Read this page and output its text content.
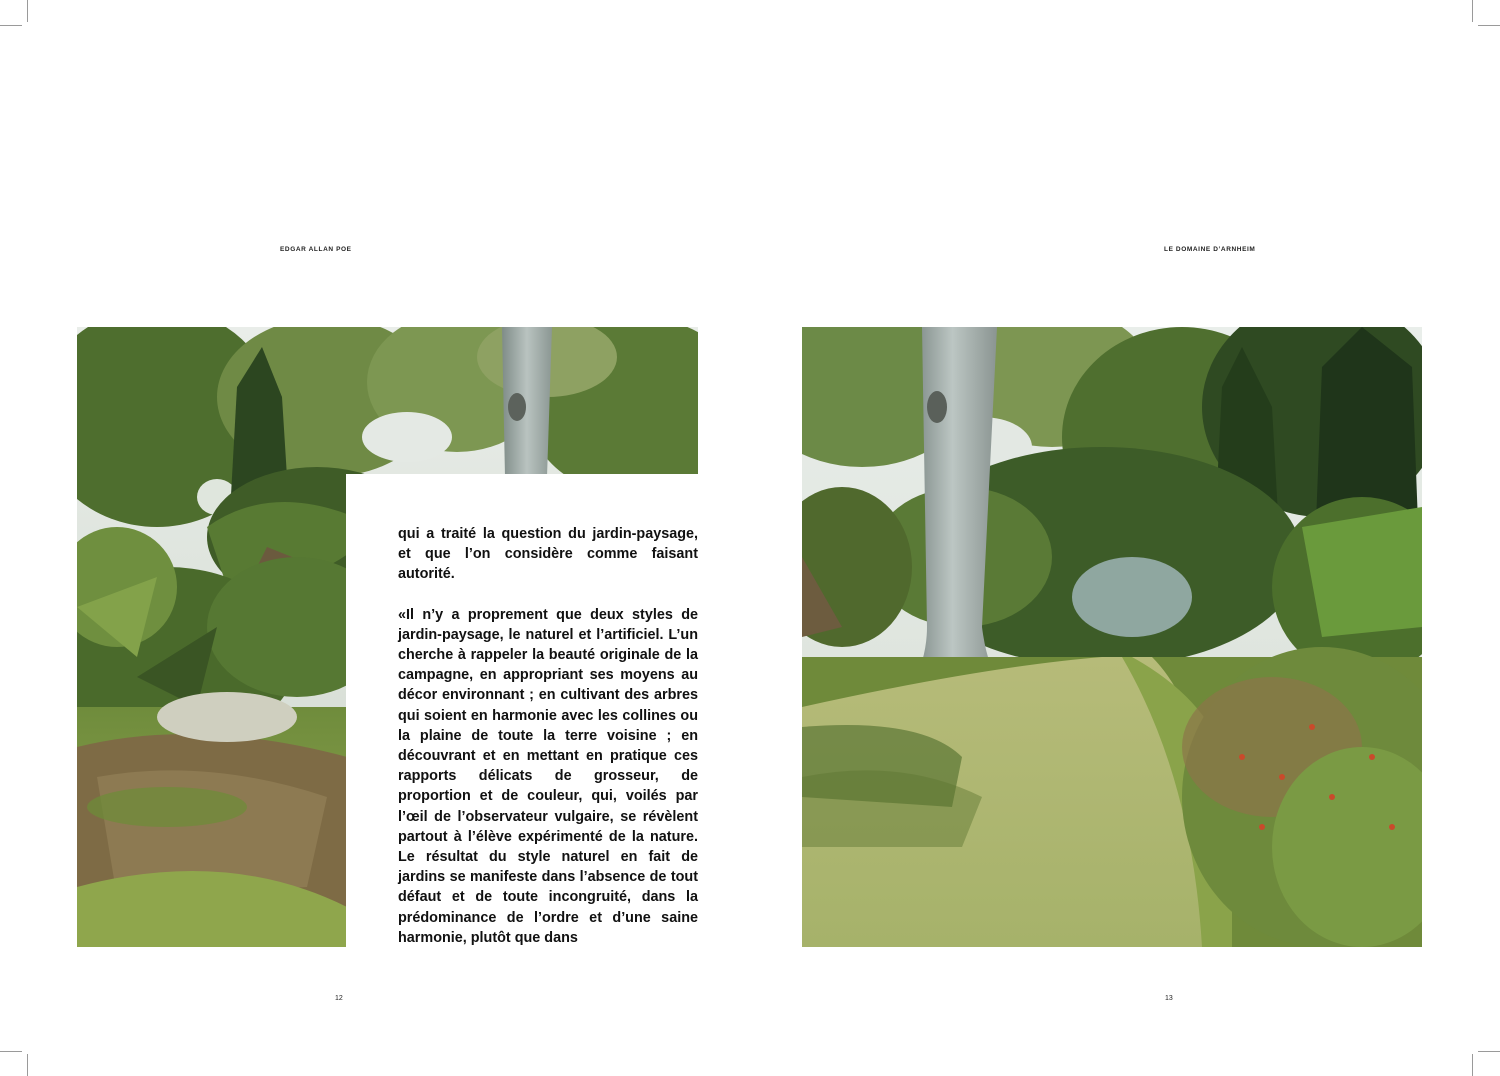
EDGAR ALLAN POE	LE DOMAINE D’ARNHEIM

qui a traité la question du jardin-paysage, et que l’on considère comme faisant autorité.

«Il n’y a proprement que deux styles de jardin-paysage, le naturel et l’artificiel. L’un cherche à rappeler la beauté originale de la campagne, en appropriant ses moyens au décor environnant ; en cultivant des arbres qui soient en harmonie avec les collines ou la plaine de toute la terre voisine ; en découvrant et en mettant en pratique ces rapports délicats de grosseur, de proportion et de couleur, qui, voilés par l’œil de l’observateur vulgaire, se révèlent partout à l’élève expérimenté de la nature. Le résultat du style naturel en fait de jardins se manifeste dans l’absence de tout défaut et de toute incongruité, dans la prédominance de l’ordre et d’une saine harmonie, plutôt que dans

12	13
